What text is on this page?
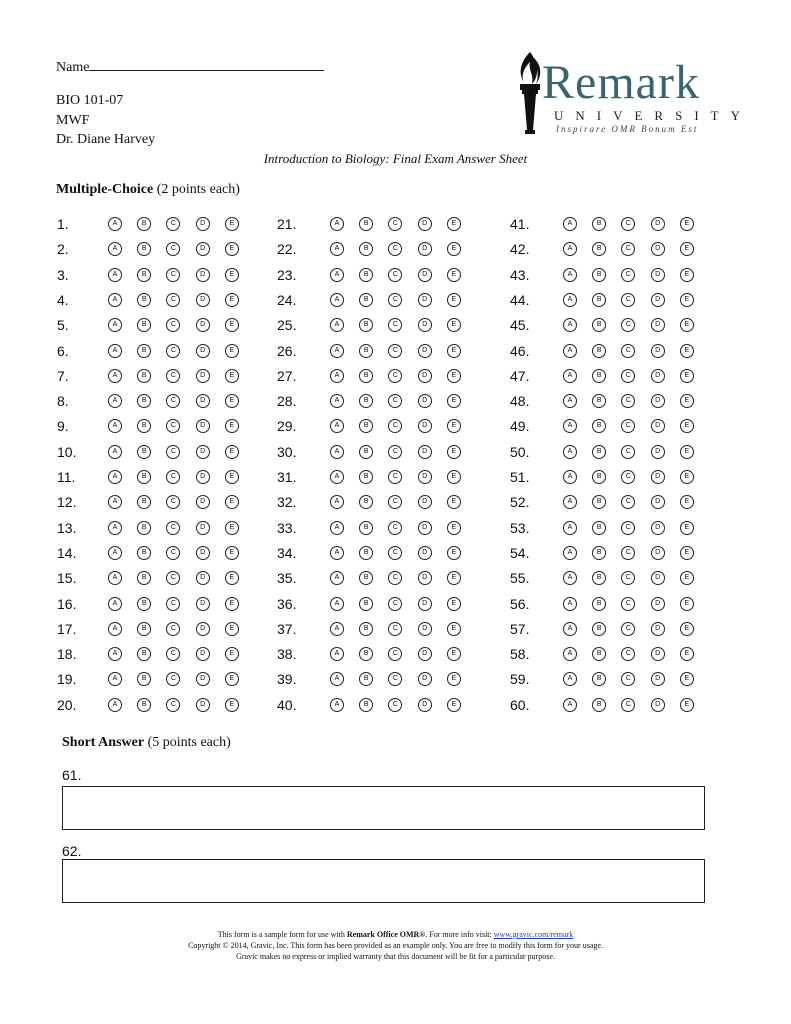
Name
BIO 101-07
MWF
Dr. Diane Harvey
Remark
UNIVERSITY
Inspirare OMR Bonum Est
Introduction to Biology: Final Exam Answer Sheet
Multiple-Choice (2 points each)
1.	A	B	C	D	E
2.	A	B	C	D	E
3.	A	B	C	D	E
4.	A	B	C	D	E
5.	A	B	C	D	E
6.	A	B	C	D	E
7.	A	B	C	D	E
8.	A	B	C	D	E
9.	A	B	C	D	E
10.	A	B	C	D	E
11.	A	B	C	D	E
12.	A	B	C	D	E
13.	A	B	C	D	E
14.	A	B	C	D	E
15.	A	B	C	D	E
16.	A	B	C	D	E
17.	A	B	C	D	E
18.	A	B	C	D	E
19.	A	B	C	D	E
20.	A	B	C	D	E
21.	A	B	C	D	E
22.	A	B	C	D	E
23.	A	B	C	D	E
24.	A	B	C	D	E
25.	A	B	C	D	E
26.	A	B	C	D	E
27.	A	B	C	D	E
28.	A	B	C	D	E
29.	A	B	C	D	E
30.	A	B	C	D	E
31.	A	B	C	D	E
32.	A	B	C	D	E
33.	A	B	C	D	E
34.	A	B	C	D	E
35.	A	B	C	D	E
36.	A	B	C	D	E
37.	A	B	C	D	E
38.	A	B	C	D	E
39.	A	B	C	D	E
40.	A	B	C	D	E
41.	A	B	C	D	E
42.	A	B	C	D	E
43.	A	B	C	D	E
44.	A	B	C	D	E
45.	A	B	C	D	E
46.	A	B	C	D	E
47.	A	B	C	D	E
48.	A	B	C	D	E
49.	A	B	C	D	E
50.	A	B	C	D	E
51.	A	B	C	D	E
52.	A	B	C	D	E
53.	A	B	C	D	E
54.	A	B	C	D	E
55.	A	B	C	D	E
56.	A	B	C	D	E
57.	A	B	C	D	E
58.	A	B	C	D	E
59.	A	B	C	D	E
60.	A	B	C	D	E
Short Answer (5 points each)
61.
62.
This form is a sample form for use with Remark Office OMR®. For more info visit: www.gravic.com/remark
Copyright © 2014, Gravic, Inc. This form has been provided as an example only. You are free to modify this form for your usage.
Gravic makes no express or implied warranty that this document will be fit for a particular purpose.
